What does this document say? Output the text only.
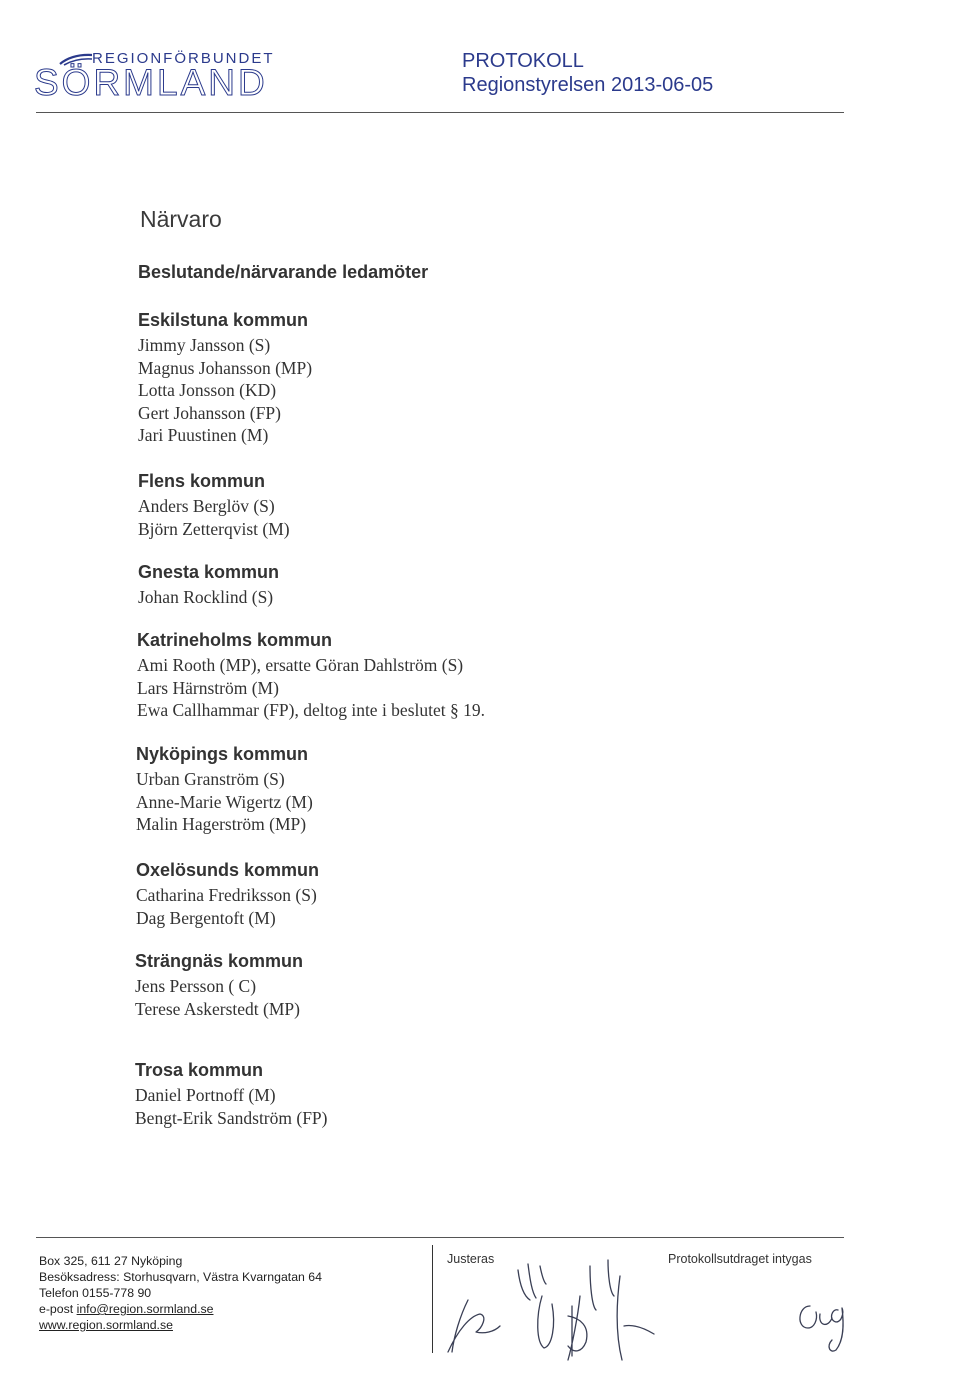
REGIONFÖRBUNDET
SÖRMLAND
PROTOKOLL
Regionstyrelsen 2013-06-05
Närvaro
Beslutande/närvarande ledamöter
Eskilstuna kommun
Jimmy Jansson (S)
Magnus Johansson (MP)
Lotta Jonsson (KD)
Gert Johansson (FP)
Jari Puustinen (M)
Flens kommun
Anders Berglöv (S)
Björn Zetterqvist (M)
Gnesta kommun
Johan Rocklind (S)
Katrineholms kommun
Ami Rooth (MP), ersatte Göran Dahlström (S)
Lars Härnström (M)
Ewa Callhammar (FP), deltog inte i beslutet § 19.
Nyköpings kommun
Urban Granström (S)
Anne-Marie Wigertz (M)
Malin Hagerström (MP)
Oxelösunds kommun
Catharina Fredriksson (S)
Dag Bergentoft (M)
Strängnäs kommun
Jens Persson ( C)
Terese Askerstedt (MP)
Trosa kommun
Daniel Portnoff (M)
Bengt-Erik Sandström (FP)
Box 325, 611 27 Nyköping
Besöksadress: Storhusqvarn, Västra Kvarngatan 64
Telefon 0155-778 90
e-post info@region.sormland.se
www.region.sormland.se
Justeras	Protokollsutdraget intygas
